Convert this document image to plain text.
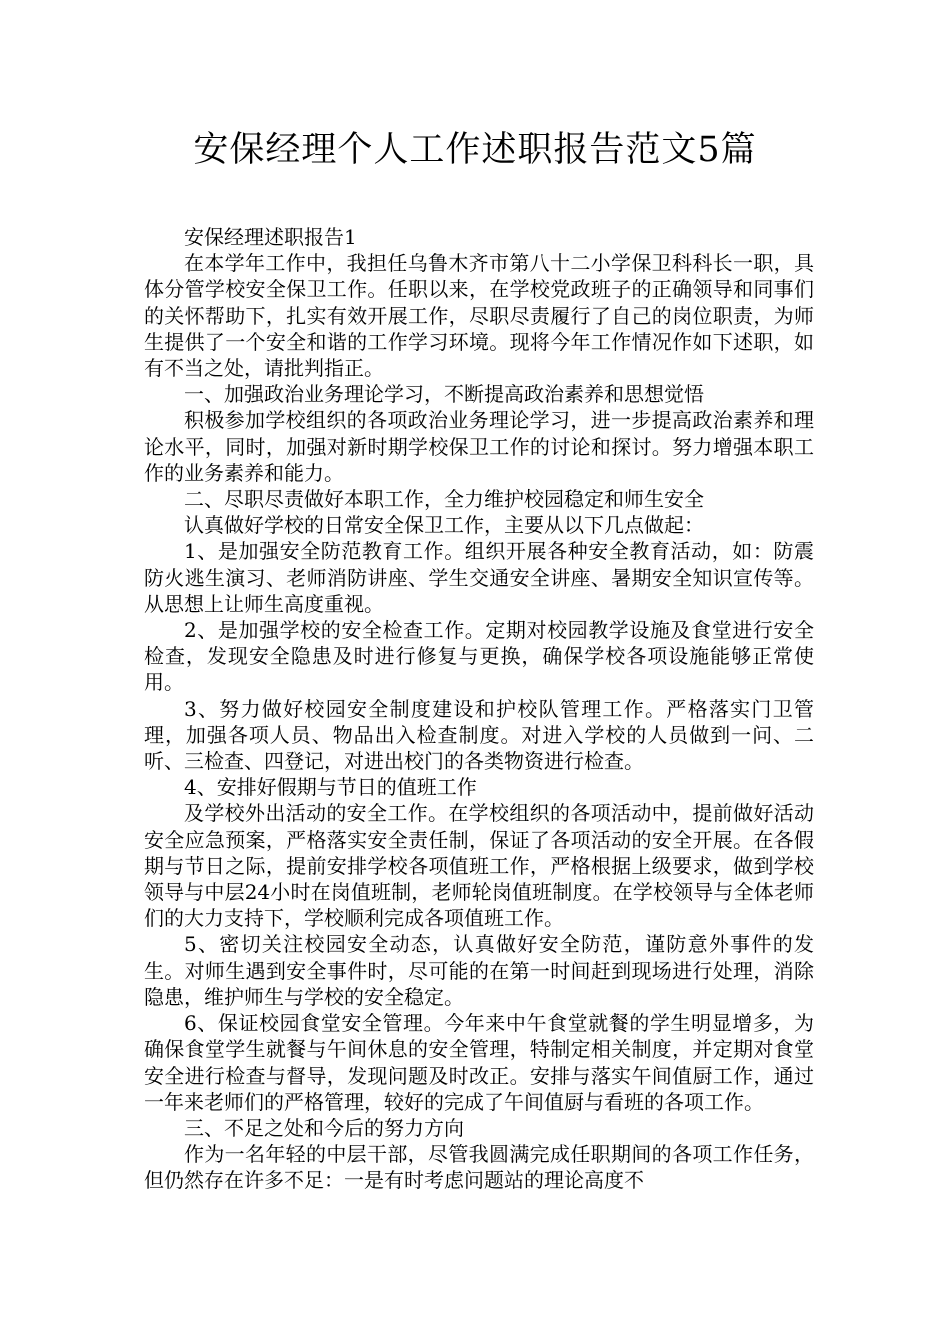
安保经理个人工作述职报告范文5篇

安保经理述职报告1

在本学年工作中，我担任乌鲁木齐市第八十二小学保卫科科长一职，具体分管学校安全保卫工作。任职以来，在学校党政班子的正确领导和同事们的关怀帮助下，扎实有效开展工作，尽职尽责履行了自己的岗位职责，为师生提供了一个安全和谐的工作学习环境。现将今年工作情况作如下述职，如有不当之处，请批判指正。

一、加强政治业务理论学习，不断提高政治素养和思想觉悟

积极参加学校组织的各项政治业务理论学习，进一步提高政治素养和理论水平，同时，加强对新时期学校保卫工作的讨论和探讨。努力增强本职工作的业务素养和能力。

二、尽职尽责做好本职工作，全力维护校园稳定和师生安全

认真做好学校的日常安全保卫工作，主要从以下几点做起：

1、是加强安全防范教育工作。组织开展各种安全教育活动，如：防震防火逃生演习、老师消防讲座、学生交通安全讲座、暑期安全知识宣传等。从思想上让师生高度重视。

2、是加强学校的安全检查工作。定期对校园教学设施及食堂进行安全检查，发现安全隐患及时进行修复与更换，确保学校各项设施能够正常使用。

3、努力做好校园安全制度建设和护校队管理工作。严格落实门卫管理，加强各项人员、物品出入检查制度。对进入学校的人员做到一问、二听、三检查、四登记，对进出校门的各类物资进行检查。

4、安排好假期与节日的值班工作

及学校外出活动的安全工作。在学校组织的各项活动中，提前做好活动安全应急预案，严格落实安全责任制，保证了各项活动的安全开展。在各假期与节日之际，提前安排学校各项值班工作，严格根据上级要求，做到学校领导与中层24小时在岗值班制，老师轮岗值班制度。在学校领导与全体老师们的大力支持下，学校顺利完成各项值班工作。

5、密切关注校园安全动态，认真做好安全防范，谨防意外事件的发生。对师生遇到安全事件时，尽可能的在第一时间赶到现场进行处理，消除隐患，维护师生与学校的安全稳定。

6、保证校园食堂安全管理。今年来中午食堂就餐的学生明显增多，为确保食堂学生就餐与午间休息的安全管理，特制定相关制度，并定期对食堂安全进行检查与督导，发现问题及时改正。安排与落实午间值厨工作，通过一年来老师们的严格管理，较好的完成了午间值厨与看班的各项工作。

三、不足之处和今后的努力方向

作为一名年轻的中层干部，尽管我圆满完成任职期间的各项工作任务，但仍然存在许多不足：一是有时考虑问题站的理论高度不
